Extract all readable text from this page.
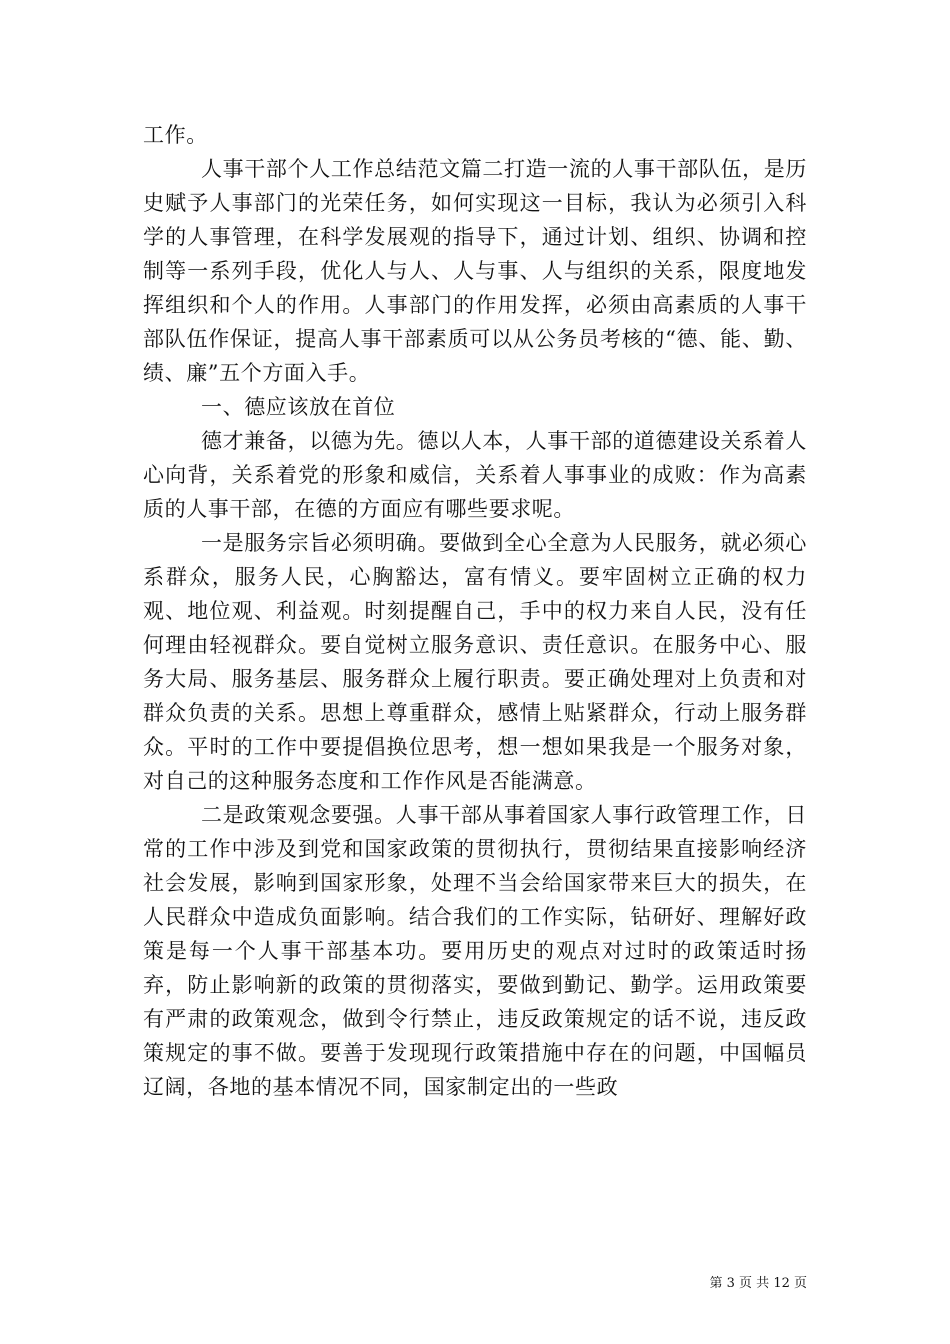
工作。

人事干部个人工作总结范文篇二打造一流的人事干部队伍，是历史赋予人事部门的光荣任务，如何实现这一目标，我认为必须引入科学的人事管理，在科学发展观的指导下，通过计划、组织、协调和控制等一系列手段，优化人与人、人与事、人与组织的关系，限度地发挥组织和个人的作用。人事部门的作用发挥，必须由高素质的人事干部队伍作保证，提高人事干部素质可以从公务员考核的“德、能、勤、绩、廉”五个方面入手。

一、德应该放在首位

德才兼备，以德为先。德以人本，人事干部的道德建设关系着人心向背，关系着党的形象和威信，关系着人事事业的成败：作为高素质的人事干部，在德的方面应有哪些要求呢。

一是服务宗旨必须明确。要做到全心全意为人民服务，就必须心系群众，服务人民，心胸豁达，富有情义。要牢固树立正确的权力观、地位观、利益观。时刻提醒自己，手中的权力来自人民，没有任何理由轻视群众。要自觉树立服务意识、责任意识。在服务中心、服务大局、服务基层、服务群众上履行职责。要正确处理对上负责和对群众负责的关系。思想上尊重群众，感情上贴紧群众，行动上服务群众。平时的工作中要提倡换位思考，想一想如果我是一个服务对象，对自己的这种服务态度和工作作风是否能满意。

二是政策观念要强。人事干部从事着国家人事行政管理工作，日常的工作中涉及到党和国家政策的贯彻执行，贯彻结果直接影响经济社会发展，影响到国家形象，处理不当会给国家带来巨大的损失，在人民群众中造成负面影响。结合我们的工作实际，钻研好、理解好政策是每一个人事干部基本功。要用历史的观点对过时的政策适时扬弃，防止影响新的政策的贯彻落实，要做到勤记、勤学。运用政策要有严肃的政策观念，做到令行禁止，违反政策规定的话不说，违反政策规定的事不做。要善于发现现行政策措施中存在的问题，中国幅员辽阔，各地的基本情况不同，国家制定出的一些政

第 3 页 共 12 页
